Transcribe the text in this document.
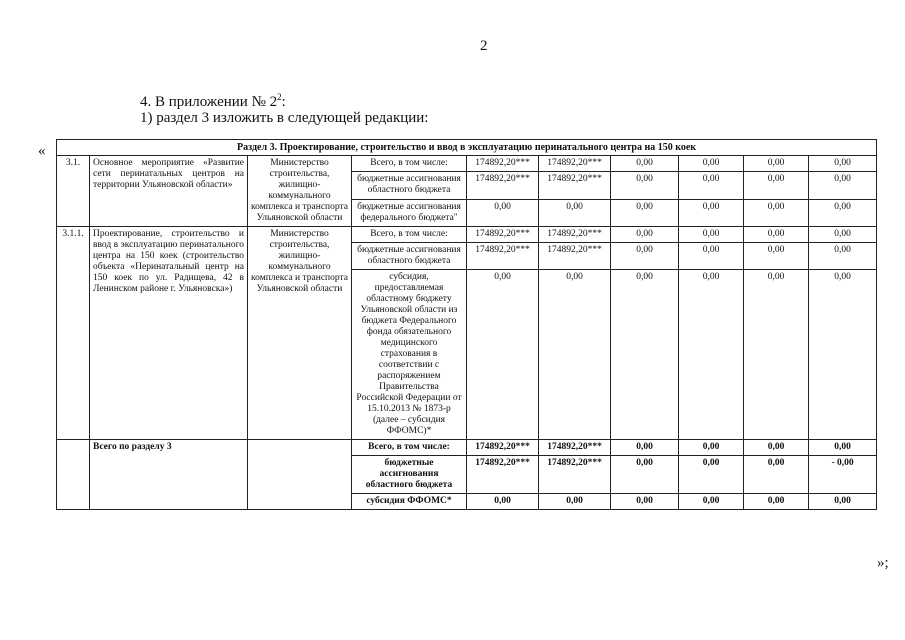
2
4. В приложении № $2^2$:
1) раздел 3 изложить в следующей редакции:
«	Раздел 3. Проектирование, строительство и ввод в эксплуатацию перинатального центра на 150 коек									
3.1.	Основное мероприятие «Развитие сети перинатальных центров на территории Ульяновской области»	Министерство строительства, жилищно-коммунального комплекса и транспорта Ульяновской области	Всего, в том числе:	174892,20***	174892,20***	0,00	0,00	0,00	0,00
			бюджетные ассигнования областного бюджета	174892,20***	174892,20***	0,00	0,00	0,00	0,00
			бюджетные ассигнования федерального бюджета"	0,00	0,00	0,00	0,00	0,00	0,00
3.1.1.	Проектирование, строительство и ввод в эксплуатацию перинатального центра на 150 коек (строительство объекта «Перинатальный центр на 150 коек по ул. Радищева, 42 в Ленинском районе г. Ульяновска»)	Министерство строительства, жилищно-коммунального комплекса и транспорта Ульяновской области	Всего, в том числе:	174892,20***	174892,20***	0,00	0,00	0,00	0,00
			бюджетные ассигнования областного бюджета	174892,20***	174892,20***	0,00	0,00	0,00	0,00
			субсидия, предоставляемая областному бюджету Ульяновской области из бюджета Федерального фонда обязательного медицинского страхования в соответствии с распоряжением Правительства Российской Федерации от 15.10.2013 № 1873-р (далее – субсидия ФФОМС)*	0,00	0,00	0,00	0,00	0,00	0,00
	Всего по разделу 3		Всего, в том числе:	174892,20***	174892,20***	0,00	0,00	0,00	0,00
			бюджетные ассигнования областного бюджета	174892,20***	174892,20***	0,00	0,00	0,00	- 0,00
			субсидия ФФОМС*	0,00	0,00	0,00	0,00	0,00	0,00
»;
